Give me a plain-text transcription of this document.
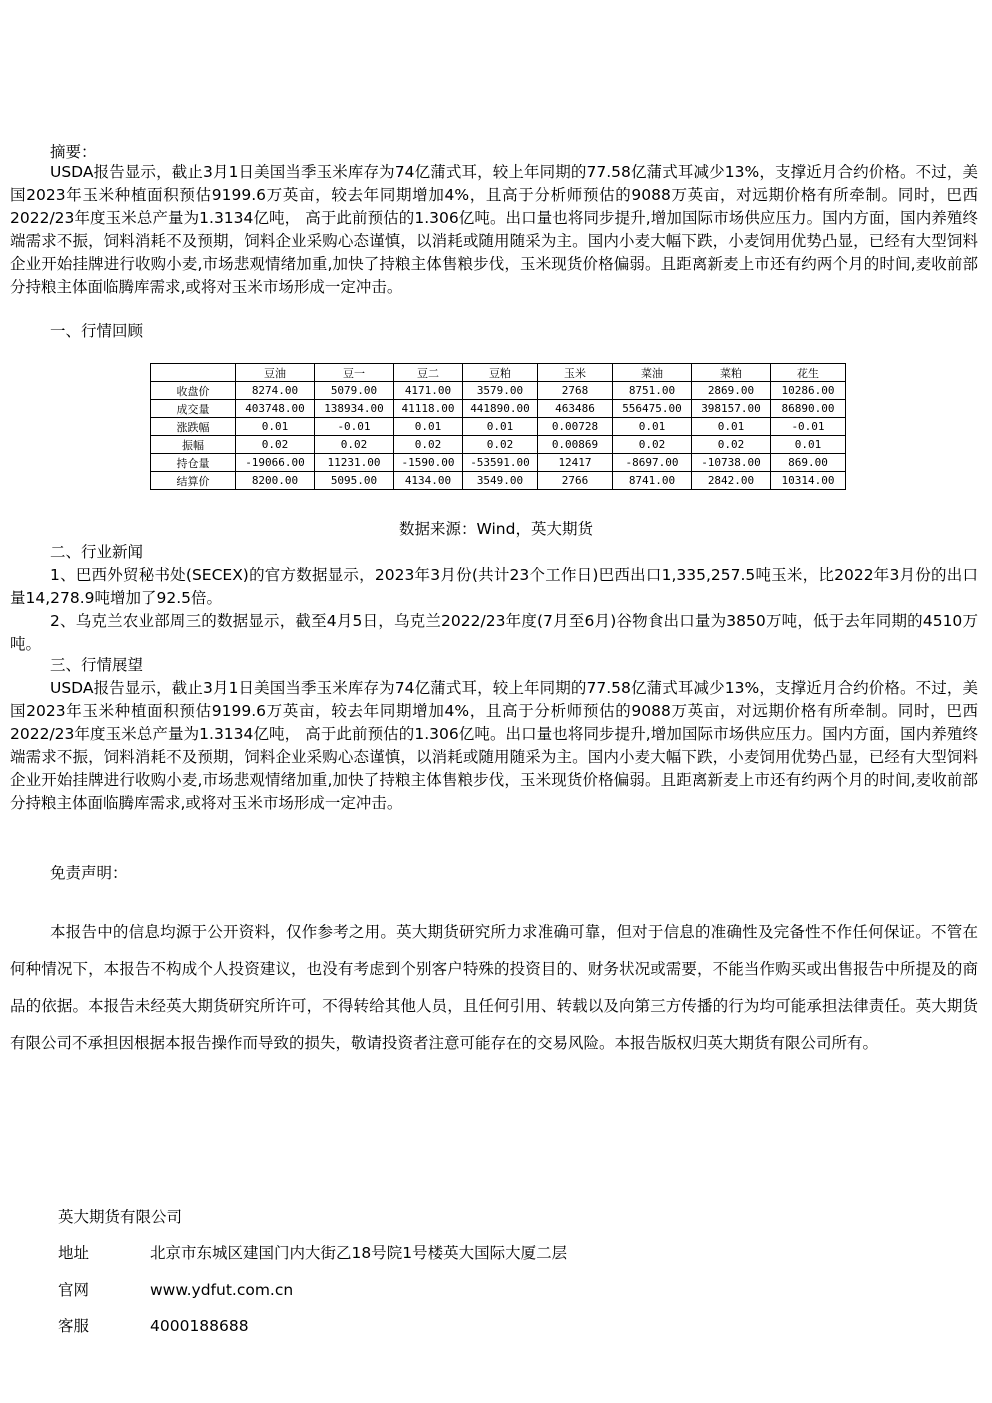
摘要：

USDA报告显示，截止3月1日美国当季玉米库存为74亿蒲式耳，较上年同期的77.58亿蒲式耳减少13%，支撑近月合约价格。不过，美国2023年玉米种植面积预估9199.6万英亩，较去年同期增加4%，且高于分析师预估的9088万英亩，对远期价格有所牵制。同时，巴西2022/23年度玉米总产量为1.3134亿吨， 高于此前预估的1.306亿吨。出口量也将同步提升,增加国际市场供应压力。国内方面，国内养殖终端需求不振，饲料消耗不及预期，饲料企业采购心态谨慎，以消耗或随用随采为主。国内小麦大幅下跌，小麦饲用优势凸显，已经有大型饲料企业开始挂牌进行收购小麦,市场悲观情绪加重,加快了持粮主体售粮步伐，玉米现货价格偏弱。且距离新麦上市还有约两个月的时间,麦收前部分持粮主体面临腾库需求,或将对玉米市场形成一定冲击。

一、行情回顾

	豆油	豆一	豆二	豆粕	玉米	菜油	菜粕	花生
收盘价	8274.00	5079.00	4171.00	3579.00	2768	8751.00	2869.00	10286.00
成交量	403748.00	138934.00	41118.00	441890.00	463486	556475.00	398157.00	86890.00
涨跌幅	0.01	-0.01	0.01	0.01	0.00728	0.01	0.01	-0.01
振幅	0.02	0.02	0.02	0.02	0.00869	0.02	0.02	0.01
持仓量	-19066.00	11231.00	-1590.00	-53591.00	12417	-8697.00	-10738.00	869.00
结算价	8200.00	5095.00	4134.00	3549.00	2766	8741.00	2842.00	10314.00
数据来源：Wind，英大期货

二、行业新闻

1、巴西外贸秘书处(SECEX)的官方数据显示，2023年3月份(共计23个工作日)巴西出口1,335,257.5吨玉米，比2022年3月份的出口量14,278.9吨增加了92.5倍。

2、乌克兰农业部周三的数据显示，截至4月5日，乌克兰2022/23年度(7月至6月)谷物食出口量为3850万吨，低于去年同期的4510万吨。

三、行情展望

USDA报告显示，截止3月1日美国当季玉米库存为74亿蒲式耳，较上年同期的77.58亿蒲式耳减少13%，支撑近月合约价格。不过，美国2023年玉米种植面积预估9199.6万英亩，较去年同期增加4%，且高于分析师预估的9088万英亩，对远期价格有所牵制。同时，巴西2022/23年度玉米总产量为1.3134亿吨， 高于此前预估的1.306亿吨。出口量也将同步提升,增加国际市场供应压力。国内方面，国内养殖终端需求不振，饲料消耗不及预期，饲料企业采购心态谨慎，以消耗或随用随采为主。国内小麦大幅下跌，小麦饲用优势凸显，已经有大型饲料企业开始挂牌进行收购小麦,市场悲观情绪加重,加快了持粮主体售粮步伐，玉米现货价格偏弱。且距离新麦上市还有约两个月的时间,麦收前部分持粮主体面临腾库需求,或将对玉米市场形成一定冲击。

免责声明：

本报告中的信息均源于公开资料，仅作参考之用。英大期货研究所力求准确可靠，但对于信息的准确性及完备性不作任何保证。不管在何种情况下，本报告不构成个人投资建议，也没有考虑到个别客户特殊的投资目的、财务状况或需要，不能当作购买或出售报告中所提及的商品的依据。本报告未经英大期货研究所许可，不得转给其他人员，且任何引用、转载以及向第三方传播的行为均可能承担法律责任。英大期货有限公司不承担因根据本报告操作而导致的损失，敬请投资者注意可能存在的交易风险。本报告版权归英大期货有限公司所有。

英大期货有限公司
地址	北京市东城区建国门内大街乙18号院1号楼英大国际大厦二层
官网	www.ydfut.com.cn
客服	4000188688
